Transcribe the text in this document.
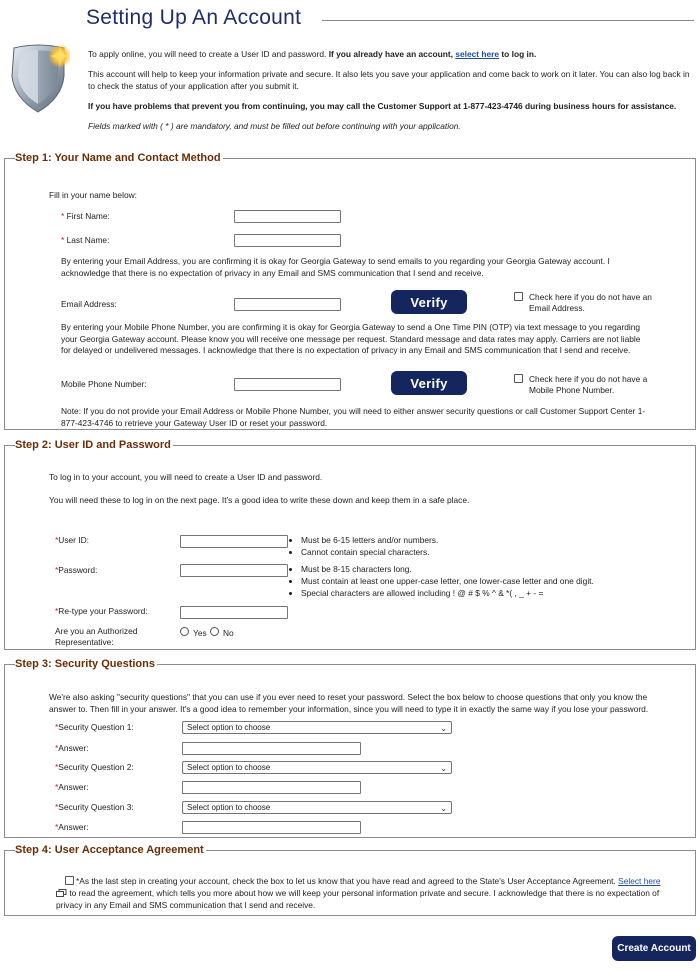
Setting Up An Account

To apply online, you will need to create a User ID and password. If you already have an account, select here to log in.

This account will help to keep your information private and secure. It also lets you save your application and come back to work on it later. You can also log back in to check the status of your application after you submit it.

If you have problems that prevent you from continuing, you may call the Customer Support at 1-877-423-4746 during business hours for assistance.

Fields marked with ( * ) are mandatory, and must be filled out before continuing with your application.

Step 1: Your Name and Contact Method
Fill in your name below:
* First Name:
* Last Name:
By entering your Email Address, you are confirming it is okay for Georgia Gateway to send emails to you regarding your Georgia Gateway account. I acknowledge that there is no expectation of privacy in any Email and SMS communication that I send and receive.
Email Address:	Verify	Check here if you do not have an Email Address.
By entering your Mobile Phone Number, you are confirming it is okay for Georgia Gateway to send a One Time PIN (OTP) via text message to you regarding your Georgia Gateway account. Please know you will receive one message per request. Standard message and data rates may apply. Carriers are not liable for delayed or undelivered messages. I acknowledge that there is no expectation of privacy in any Email and SMS communication that I send and receive.
Mobile Phone Number:	Verify	Check here if you do not have a Mobile Phone Number.
Note: If you do not provide your Email Address or Mobile Phone Number, you will need to either answer security questions or call Customer Support Center 1-877-423-4746 to retrieve your Gateway User ID or reset your password.
Step 2: User ID and Password
To log in to your account, you will need to create a User ID and password.
You will need these to log in on the next page. It's a good idea to write these down and keep them in a safe place.
*User ID:	• Must be 6-15 letters and/or numbers.
• Cannot contain special characters.
*Password:	• Must be 8-15 characters long.
• Must contain at least one upper-case letter, one lower-case letter and one digit.
• Special characters are allowed including ! @ # $ % ^ & *( , _ + - =
*Re-type your Password:
Are you an Authorized Representative:
Yes No
Step 3: Security Questions
We're also asking "security questions" that you can use if you ever need to reset your password. Select the box below to choose questions that only you know the answer to. Then fill in your answer. It's a good idea to remember your information, since you will need to type it in exactly the same way if you lose your password.
*Security Question 1:	Select option to choose	⌄
*Answer:
*Security Question 2:	Select option to choose	⌄
*Answer:
*Security Question 3:	Select option to choose	⌄
*Answer:
Step 4: User Acceptance Agreement
*As the last step in creating your account, check the box to let us know that you have read and agreed to the State's User Acceptance Agreement. Select here  to read the agreement, which tells you more about how we will keep your personal information private and secure. I acknowledge that there is no expectation of privacy in any Email and SMS communication that I send and receive.
Create Account
